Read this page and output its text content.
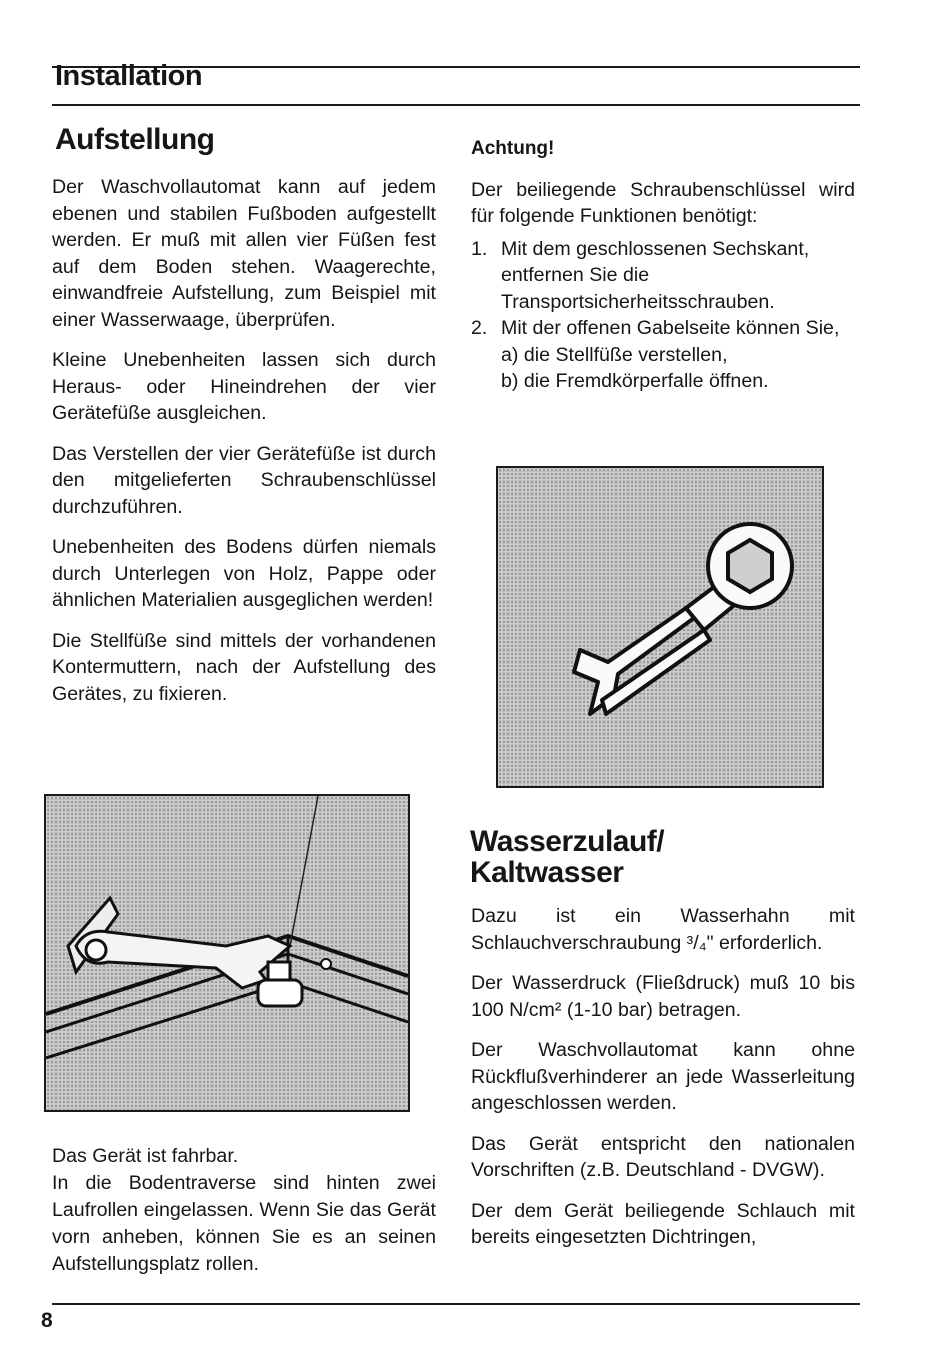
Installation
Aufstellung

Der Waschvollautomat kann auf jedem ebenen und stabilen Fußboden aufgestellt werden. Er muß mit allen vier Füßen fest auf dem Boden stehen. Waagerechte, einwandfreie Aufstellung, zum Beispiel mit einer Wasserwaage, überprüfen.

Kleine Unebenheiten lassen sich durch Heraus- oder Hineindrehen der vier Gerätefüße ausgleichen.

Das Verstellen der vier Gerätefüße ist durch den mitgelieferten Schraubenschlüssel durchzuführen.

Unebenheiten des Bodens dürfen niemals durch Unterlegen von Holz, Pappe oder ähnlichen Materialien ausgeglichen werden!

Die Stellfüße sind mittels der vorhandenen Kontermuttern, nach der Aufstellung des Gerätes, zu fixieren.

Das Gerät ist fahrbar.
In die Bodentraverse sind hinten zwei Laufrollen eingelassen. Wenn Sie das Gerät vorn anheben, können Sie es an seinen Aufstellungsplatz rollen.
Achtung!

Der beiliegende Schraubenschlüssel wird für folgende Funktionen benötigt:

1. Mit dem geschlossenen Sechskant, entfernen Sie die Transportsicherheitsschrauben.
2. Mit der offenen Gabelseite können Sie,
a) die Stellfüße verstellen,
b) die Fremdkörperfalle öffnen.
Wasserzulauf/
Kaltwasser

Dazu ist ein Wasserhahn mit Schlauchverschraubung ³/₄" erforderlich.

Der Wasserdruck (Fließdruck) muß 10 bis 100 N/cm² (1-10 bar) betragen.

Der Waschvollautomat kann ohne Rückflußverhinderer an jede Wasserleitung angeschlossen werden.

Das Gerät entspricht den nationalen Vorschriften (z.B. Deutschland - DVGW).

Der dem Gerät beiliegende Schlauch mit bereits eingesetzten Dichtringen,

8
